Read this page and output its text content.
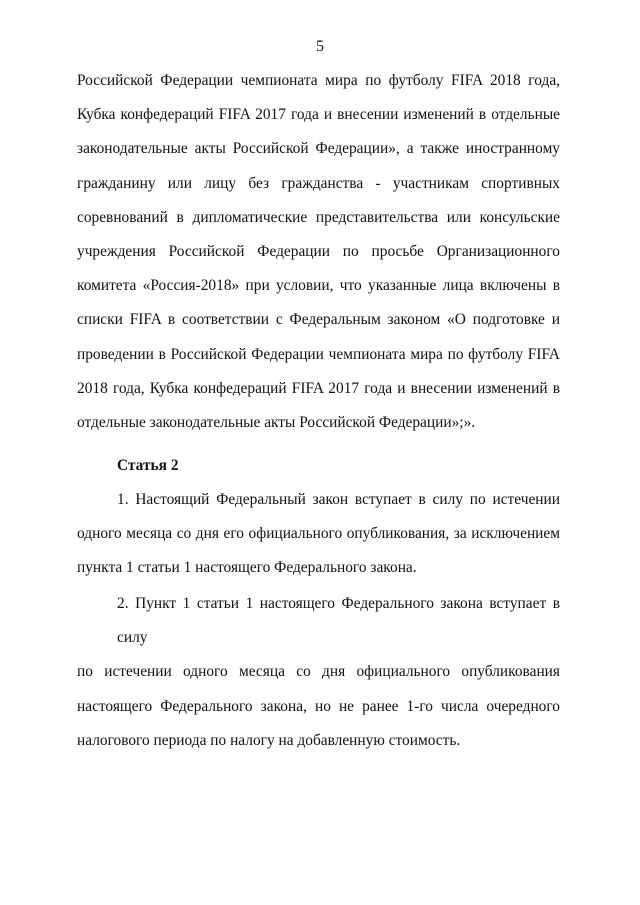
5
Российской Федерации чемпионата мира по футболу FIFA 2018 года,
Кубка конфедераций FIFA 2017 года и внесении изменений в отдельные
законодательные акты Российской Федерации», а также иностранному
гражданину или лицу без гражданства - участникам спортивных
соревнований в дипломатические представительства или консульские
учреждения Российской Федерации по просьбе Организационного
комитета «Россия-2018» при условии, что указанные лица включены в
списки FIFA в соответствии с Федеральным законом «О подготовке и
проведении в Российской Федерации чемпионата мира по футболу FIFA
2018 года, Кубка конфедераций FIFA 2017 года и внесении изменений в
отдельные законодательные акты Российской Федерации»;».
Статья 2
1. Настоящий Федеральный закон вступает в силу по истечении
одного месяца со дня его официального опубликования, за исключением
пункта 1 статьи 1 настоящего Федерального закона.
2. Пункт 1 статьи 1 настоящего Федерального закона вступает в силу
по истечении одного месяца со дня официального опубликования
настоящего Федерального закона, но не ранее 1-го числа очередного
налогового периода по налогу на добавленную стоимость.
